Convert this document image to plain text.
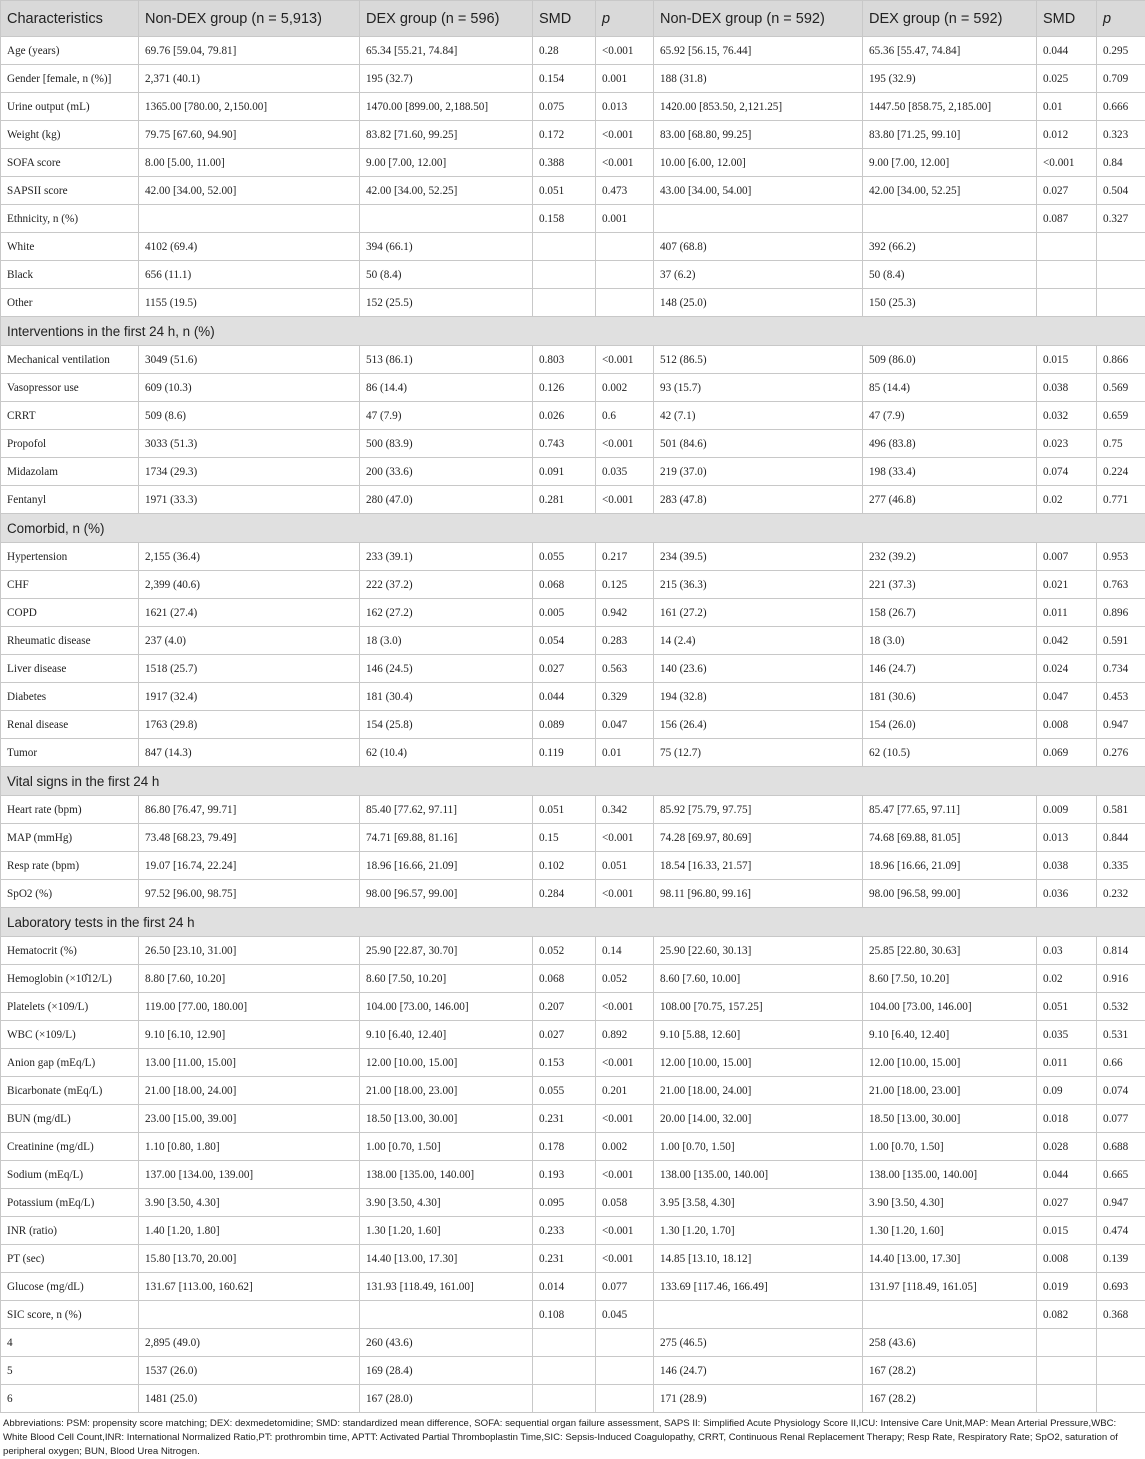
Characteristics	Non-DEX group (n = 5,913)	DEX group (n = 596)	SMD	p	Non-DEX group (n = 592)	DEX group (n = 592)	SMD	p
Age (years)	69.76 [59.04, 79.81]	65.34 [55.21, 74.84]	0.28	<0.001	65.92 [56.15, 76.44]	65.36 [55.47, 74.84]	0.044	0.295
Gender [female, n (%)]	2,371 (40.1)	195 (32.7)	0.154	0.001	188 (31.8)	195 (32.9)	0.025	0.709
Urine output (mL)	1365.00 [780.00, 2,150.00]	1470.00 [899.00, 2,188.50]	0.075	0.013	1420.00 [853.50, 2,121.25]	1447.50 [858.75, 2,185.00]	0.01	0.666
Weight (kg)	79.75 [67.60, 94.90]	83.82 [71.60, 99.25]	0.172	<0.001	83.00 [68.80, 99.25]	83.80 [71.25, 99.10]	0.012	0.323
SOFA score	8.00 [5.00, 11.00]	9.00 [7.00, 12.00]	0.388	<0.001	10.00 [6.00, 12.00]	9.00 [7.00, 12.00]	<0.001	0.84
SAPSII score	42.00 [34.00, 52.00]	42.00 [34.00, 52.25]	0.051	0.473	43.00 [34.00, 54.00]	42.00 [34.00, 52.25]	0.027	0.504
Ethnicity, n (%)			0.158	0.001			0.087	0.327
White	4102 (69.4)	394 (66.1)			407 (68.8)	392 (66.2)		
Black	656 (11.1)	50 (8.4)			37 (6.2)	50 (8.4)		
Other	1155 (19.5)	152 (25.5)			148 (25.0)	150 (25.3)		
Interventions in the first 24 h, n (%)								
Mechanical ventilation	3049 (51.6)	513 (86.1)	0.803	<0.001	512 (86.5)	509 (86.0)	0.015	0.866
Vasopressor use	609 (10.3)	86 (14.4)	0.126	0.002	93 (15.7)	85 (14.4)	0.038	0.569
CRRT	509 (8.6)	47 (7.9)	0.026	0.6	42 (7.1)	47 (7.9)	0.032	0.659
Propofol	3033 (51.3)	500 (83.9)	0.743	<0.001	501 (84.6)	496 (83.8)	0.023	0.75
Midazolam	1734 (29.3)	200 (33.6)	0.091	0.035	219 (37.0)	198 (33.4)	0.074	0.224
Fentanyl	1971 (33.3)	280 (47.0)	0.281	<0.001	283 (47.8)	277 (46.8)	0.02	0.771
Comorbid, n (%)								
Hypertension	2,155 (36.4)	233 (39.1)	0.055	0.217	234 (39.5)	232 (39.2)	0.007	0.953
CHF	2,399 (40.6)	222 (37.2)	0.068	0.125	215 (36.3)	221 (37.3)	0.021	0.763
COPD	1621 (27.4)	162 (27.2)	0.005	0.942	161 (27.2)	158 (26.7)	0.011	0.896
Rheumatic disease	237 (4.0)	18 (3.0)	0.054	0.283	14 (2.4)	18 (3.0)	0.042	0.591
Liver disease	1518 (25.7)	146 (24.5)	0.027	0.563	140 (23.6)	146 (24.7)	0.024	0.734
Diabetes	1917 (32.4)	181 (30.4)	0.044	0.329	194 (32.8)	181 (30.6)	0.047	0.453
Renal disease	1763 (29.8)	154 (25.8)	0.089	0.047	156 (26.4)	154 (26.0)	0.008	0.947
Tumor	847 (14.3)	62 (10.4)	0.119	0.01	75 (12.7)	62 (10.5)	0.069	0.276
Vital signs in the first 24 h								
Heart rate (bpm)	86.80 [76.47, 99.71]	85.40 [77.62, 97.11]	0.051	0.342	85.92 [75.79, 97.75]	85.47 [77.65, 97.11]	0.009	0.581
MAP (mmHg)	73.48 [68.23, 79.49]	74.71 [69.88, 81.16]	0.15	<0.001	74.28 [69.97, 80.69]	74.68 [69.88, 81.05]	0.013	0.844
Resp rate (bpm)	19.07 [16.74, 22.24]	18.96 [16.66, 21.09]	0.102	0.051	18.54 [16.33, 21.57]	18.96 [16.66, 21.09]	0.038	0.335
SpO2 (%)	97.52 [96.00, 98.75]	98.00 [96.57, 99.00]	0.284	<0.001	98.11 [96.80, 99.16]	98.00 [96.58, 99.00]	0.036	0.232
Laboratory tests in the first 24 h								
Hematocrit (%)	26.50 [23.10, 31.00]	25.90 [22.87, 30.70]	0.052	0.14	25.90 [22.60, 30.13]	25.85 [22.80, 30.63]	0.03	0.814
Hemoglobin (×10̂12/L)	8.80 [7.60, 10.20]	8.60 [7.50, 10.20]	0.068	0.052	8.60 [7.60, 10.00]	8.60 [7.50, 10.20]	0.02	0.916
Platelets (×109/L)	119.00 [77.00, 180.00]	104.00 [73.00, 146.00]	0.207	<0.001	108.00 [70.75, 157.25]	104.00 [73.00, 146.00]	0.051	0.532
WBC (×109/L)	9.10 [6.10, 12.90]	9.10 [6.40, 12.40]	0.027	0.892	9.10 [5.88, 12.60]	9.10 [6.40, 12.40]	0.035	0.531
Anion gap (mEq/L)	13.00 [11.00, 15.00]	12.00 [10.00, 15.00]	0.153	<0.001	12.00 [10.00, 15.00]	12.00 [10.00, 15.00]	0.011	0.66
Bicarbonate (mEq/L)	21.00 [18.00, 24.00]	21.00 [18.00, 23.00]	0.055	0.201	21.00 [18.00, 24.00]	21.00 [18.00, 23.00]	0.09	0.074
BUN (mg/dL)	23.00 [15.00, 39.00]	18.50 [13.00, 30.00]	0.231	<0.001	20.00 [14.00, 32.00]	18.50 [13.00, 30.00]	0.018	0.077
Creatinine (mg/dL)	1.10 [0.80, 1.80]	1.00 [0.70, 1.50]	0.178	0.002	1.00 [0.70, 1.50]	1.00 [0.70, 1.50]	0.028	0.688
Sodium (mEq/L)	137.00 [134.00, 139.00]	138.00 [135.00, 140.00]	0.193	<0.001	138.00 [135.00, 140.00]	138.00 [135.00, 140.00]	0.044	0.665
Potassium (mEq/L)	3.90 [3.50, 4.30]	3.90 [3.50, 4.30]	0.095	0.058	3.95 [3.58, 4.30]	3.90 [3.50, 4.30]	0.027	0.947
INR (ratio)	1.40 [1.20, 1.80]	1.30 [1.20, 1.60]	0.233	<0.001	1.30 [1.20, 1.70]	1.30 [1.20, 1.60]	0.015	0.474
PT (sec)	15.80 [13.70, 20.00]	14.40 [13.00, 17.30]	0.231	<0.001	14.85 [13.10, 18.12]	14.40 [13.00, 17.30]	0.008	0.139
Glucose (mg/dL)	131.67 [113.00, 160.62]	131.93 [118.49, 161.00]	0.014	0.077	133.69 [117.46, 166.49]	131.97 [118.49, 161.05]	0.019	0.693
SIC score, n (%)			0.108	0.045			0.082	0.368
4	2,895 (49.0)	260 (43.6)			275 (46.5)	258 (43.6)		
5	1537 (26.0)	169 (28.4)			146 (24.7)	167 (28.2)		
6	1481 (25.0)	167 (28.0)			171 (28.9)	167 (28.2)		
Abbreviations: PSM: propensity score matching; DEX: dexmedetomidine; SMD: standardized mean difference, SOFA: sequential organ failure assessment, SAPS II: Simplified Acute Physiology Score II,ICU: Intensive Care Unit,MAP: Mean Arterial Pressure,WBC: White Blood Cell Count,INR: International Normalized Ratio,PT: prothrombin time, APTT: Activated Partial Thromboplastin Time,SIC: Sepsis-Induced Coagulopathy, CRRT, Continuous Renal Replacement Therapy; Resp Rate, Respiratory Rate; SpO2, saturation of peripheral oxygen; BUN, Blood Urea Nitrogen.
